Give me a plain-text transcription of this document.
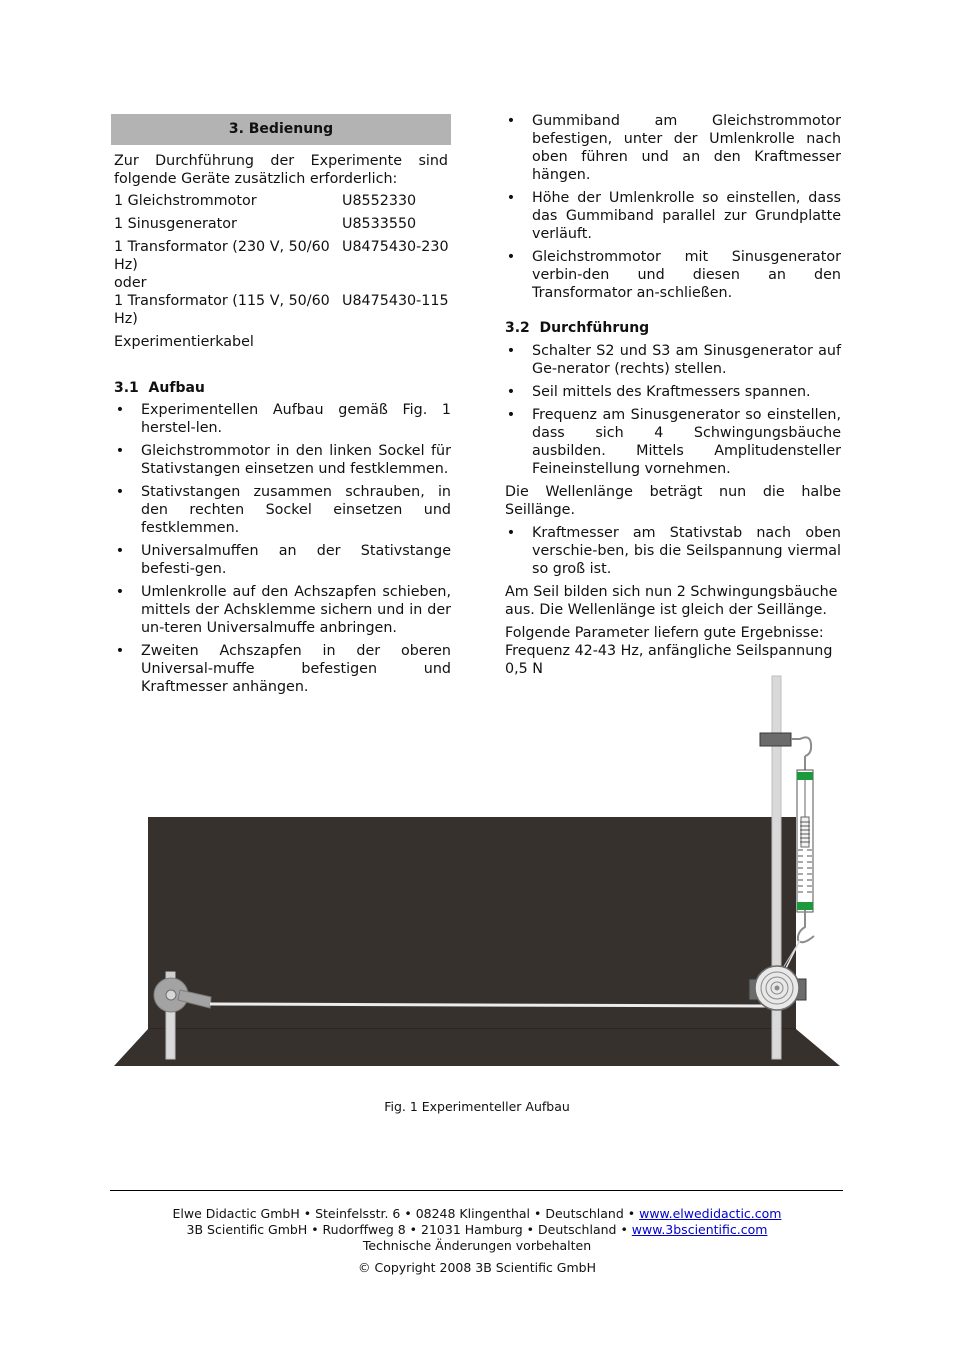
3. Bedienung

Zur Durchführung der Experimente sind folgende Geräte zusätzlich erforderlich:

1 Gleichstrommotor	U8552330
1 Sinusgenerator	U8533550
1 Transformator (230 V, 50/60 Hz)
U8475430-230

oder

1 Transformator (115 V, 50/60 Hz)
U8475430-115

Experimentierkabel

3.1  Aufbau
• Experimentellen Aufbau gemäß Fig. 1 herstel-len.
• Gleichstrommotor in den linken Sockel für Stativstangen einsetzen und festklemmen.
• Stativstangen zusammen schrauben, in den rechten Sockel einsetzen und festklemmen.
• Universalmuffen an der Stativstange befesti-gen.
• Umlenkrolle auf den Achszapfen schieben, mittels der Achsklemme sichern und in der un-teren Universalmuffe anbringen.
• Zweiten Achszapfen in der oberen Universal-muffe befestigen und Kraftmesser anhängen.
• Gummiband am Gleichstrommotor befestigen, unter der Umlenkrolle nach oben führen und an den Kraftmesser hängen.
• Höhe der Umlenkrolle so einstellen, dass das Gummiband parallel zur Grundplatte verläuft.
• Gleichstrommotor mit Sinusgenerator verbin-den und diesen an den Transformator an-schließen.
3.2  Durchführung
• Schalter S2 und S3 am Sinusgenerator auf Ge-nerator (rechts) stellen.
• Seil mittels des Kraftmessers spannen.
• Frequenz am Sinusgenerator so einstellen, dass sich 4 Schwingungsbäuche ausbilden. Mittels Amplitudensteller Feineinstellung vornehmen.

Die Wellenlänge beträgt nun die halbe Seillänge.

• Kraftmesser am Stativstab nach oben verschie-ben, bis die Seilspannung viermal so groß ist.

Am Seil bilden sich nun 2 Schwingungsbäuche aus. Die Wellenlänge ist gleich der Seillänge.

Folgende Parameter liefern gute Ergebnisse:

Frequenz 42-43 Hz, anfängliche Seilspannung 0,5 N

Fig. 1 Experimenteller Aufbau
Elwe Didactic GmbH • Steinfelsstr. 6 • 08248 Klingenthal • Deutschland • www.elwedidactic.com
3B Scientific GmbH • Rudorffweg 8 • 21031 Hamburg • Deutschland • www.3bscientific.com
Technische Änderungen vorbehalten
© Copyright 2008 3B Scientific GmbH
